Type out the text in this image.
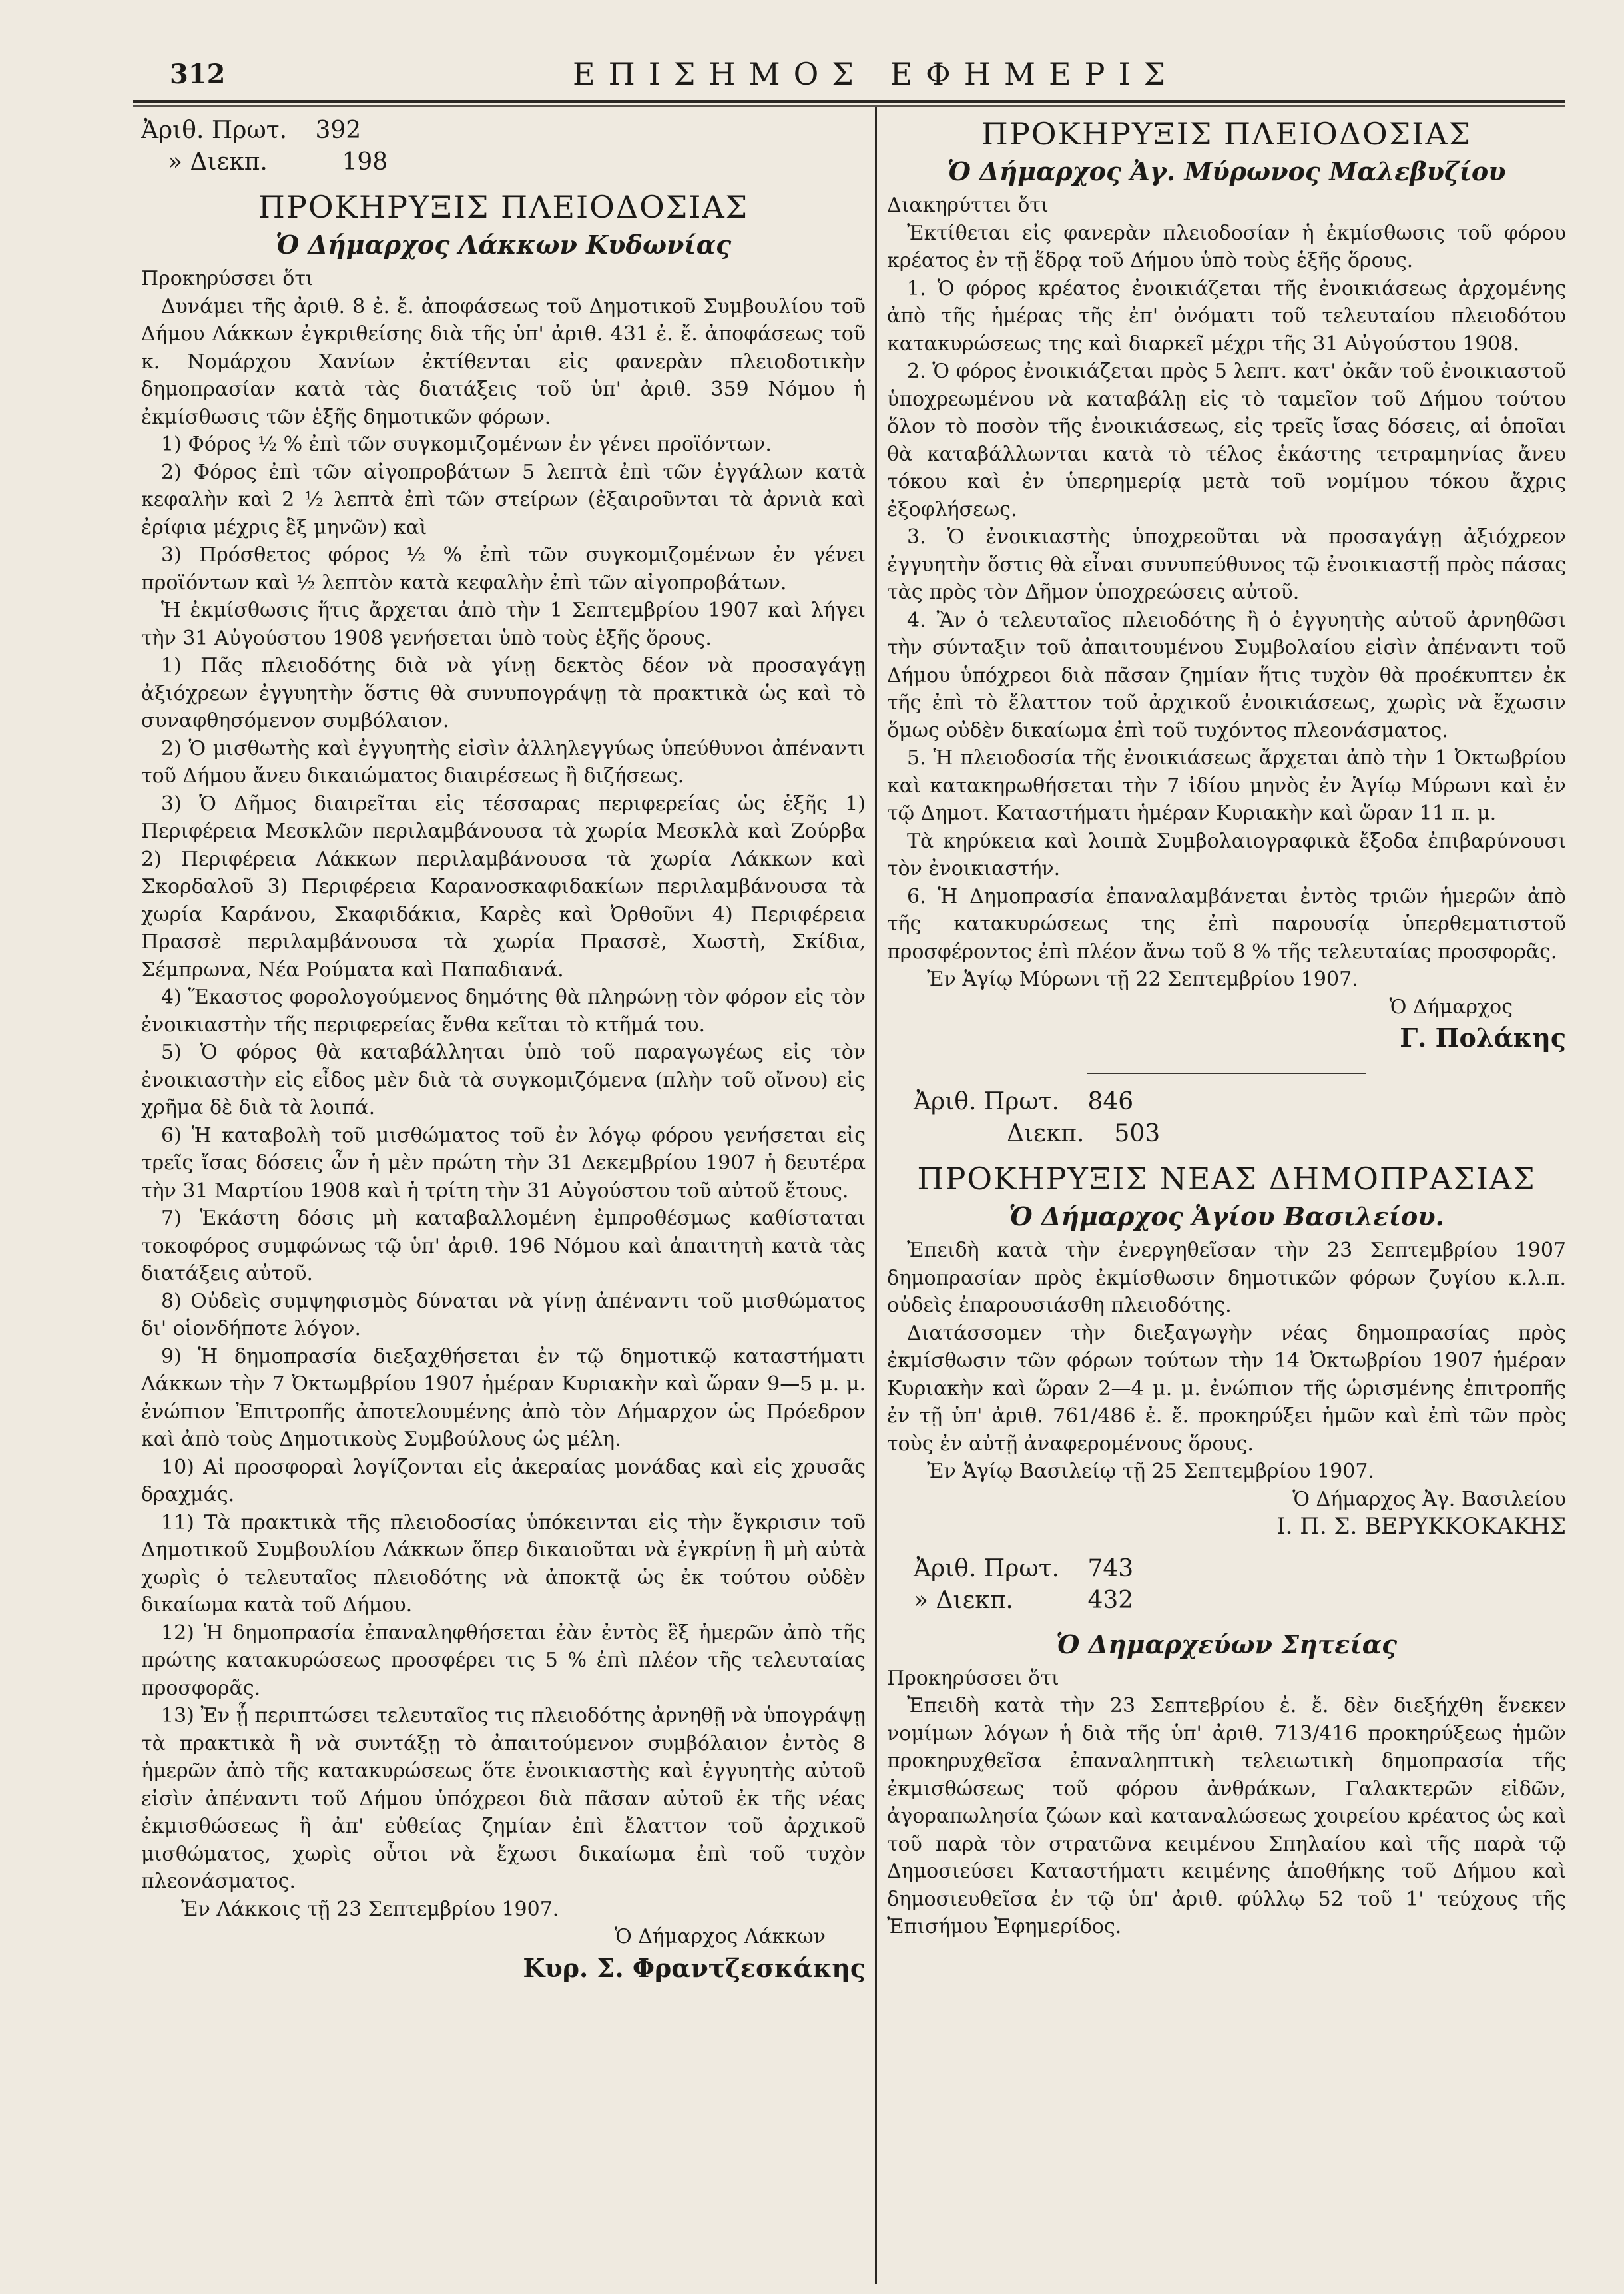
312	ΕΠΙΣΗΜΟΣ ΕΦΗΜΕΡΙΣ
Ἀριθ. Πρωτ. 392
» Διεκπ.	198
ΠΡΟΚΗΡΥΞΙΣ ΠΛΕΙΟΔΟΣΙΑΣ
Ὁ Δήμαρχος Λάκκων Κυδωνίας

Προκηρύσσει ὅτι

Δυνάμει τῆς ἀριθ. 8 ἐ. ἔ. ἀποφάσεως τοῦ Δημοτικοῦ Συμβουλίου τοῦ Δήμου Λάκκων ἐγκριθείσης διὰ τῆς ὑπ' ἀριθ. 431 ἐ. ἔ. ἀποφάσεως τοῦ κ. Νομάρχου Χανίων ἐκτίθενται εἰς φανερὰν πλειοδοτικὴν δημοπρασίαν κατὰ τὰς διατάξεις τοῦ ὑπ' ἀριθ. 359 Νόμου ἡ ἐκμίσθωσις τῶν ἑξῆς δημοτικῶν φόρων.

1) Φόρος ½ % ἐπὶ τῶν συγκομιζομένων ἐν γένει προϊόντων.

2) Φόρος ἐπὶ τῶν αἰγοπροβάτων 5 λεπτὰ ἐπὶ τῶν ἐγγάλων κατὰ κεφαλὴν καὶ 2 ½ λεπτὰ ἐπὶ τῶν στείρων (ἐξαιροῦνται τὰ ἀρνιὰ καὶ ἐρίφια μέχρις ἓξ μηνῶν) καὶ

3) Πρόσθετος φόρος ½ % ἐπὶ τῶν συγκομιζομένων ἐν γένει προϊόντων καὶ ½ λεπτὸν κατὰ κεφαλὴν ἐπὶ τῶν αἰγοπροβάτων.

Ἡ ἐκμίσθωσις ἥτις ἄρχεται ἀπὸ τὴν 1 Σεπτεμβρίου 1907 καὶ λήγει τὴν 31 Αὐγούστου 1908 γενήσεται ὑπὸ τοὺς ἑξῆς ὅρους.

1) Πᾶς πλειοδότης διὰ νὰ γίνῃ δεκτὸς δέον νὰ προσαγάγῃ ἀξιόχρεων ἐγγυητὴν ὅστις θὰ συνυπογράψῃ τὰ πρακτικὰ ὡς καὶ τὸ συναφθησόμενον συμβόλαιον.

2) Ὁ μισθωτὴς καὶ ἐγγυητὴς εἰσὶν ἀλληλεγγύως ὑπεύθυνοι ἀπέναντι τοῦ Δήμου ἄνευ δικαιώματος διαιρέσεως ἢ διζήσεως.

3) Ὁ Δῆμος διαιρεῖται εἰς τέσσαρας περιφερείας ὡς ἑξῆς 1) Περιφέρεια Μεσκλῶν περιλαμβάνουσα τὰ χωρία Μεσκλὰ καὶ Ζούρβα 2) Περιφέρεια Λάκκων περιλαμβάνουσα τὰ χωρία Λάκκων καὶ Σκορδαλοῦ 3) Περιφέρεια Καρανοσκαφιδακίων περιλαμβάνουσα τὰ χωρία Καράνου, Σκαφιδάκια, Καρὲς καὶ Ὀρθοῦνι 4) Περιφέρεια Πρασσὲ περιλαμβάνουσα τὰ χωρία Πρασσὲ, Χωστὴ, Σκίδια, Σέμπρωνα, Νέα Ρούματα καὶ Παπαδιανά.

4) Ἕκαστος φορολογούμενος δημότης θὰ πληρώνῃ τὸν φόρον εἰς τὸν ἐνοικιαστὴν τῆς περιφερείας ἔνθα κεῖται τὸ κτῆμά του.

5) Ὁ φόρος θὰ καταβάλληται ὑπὸ τοῦ παραγωγέως εἰς τὸν ἐνοικιαστὴν εἰς εἶδος μὲν διὰ τὰ συγκομιζόμενα (πλὴν τοῦ οἴνου) εἰς χρῆμα δὲ διὰ τὰ λοιπά.

6) Ἡ καταβολὴ τοῦ μισθώματος τοῦ ἐν λόγῳ φόρου γενήσεται εἰς τρεῖς ἴσας δόσεις ὧν ἡ μὲν πρώτη τὴν 31 Δεκεμβρίου 1907 ἡ δευτέρα τὴν 31 Μαρτίου 1908 καὶ ἡ τρίτη τὴν 31 Αὐγούστου τοῦ αὐτοῦ ἔτους.

7) Ἑκάστη δόσις μὴ καταβαλλομένη ἐμπροθέσμως καθίσταται τοκοφόρος συμφώνως τῷ ὑπ' ἀριθ. 196 Νόμου καὶ ἀπαιτητὴ κατὰ τὰς διατάξεις αὐτοῦ.

8) Οὐδεὶς συμψηφισμὸς δύναται νὰ γίνῃ ἀπέναντι τοῦ μισθώματος δι' οἱονδήποτε λόγον.

9) Ἡ δημοπρασία διεξαχθήσεται ἐν τῷ δημοτικῷ καταστήματι Λάκκων τὴν 7 Ὀκτωμβρίου 1907 ἡμέραν Κυριακὴν καὶ ὥραν 9—5 μ. μ. ἐνώπιον Ἐπιτροπῆς ἀποτελουμένης ἀπὸ τὸν Δήμαρχον ὡς Πρόεδρον καὶ ἀπὸ τοὺς Δημοτικοὺς Συμβούλους ὡς μέλη.

10) Αἱ προσφοραὶ λογίζονται εἰς ἀκεραίας μονάδας καὶ εἰς χρυσᾶς δραχμάς.

11) Τὰ πρακτικὰ τῆς πλειοδοσίας ὑπόκεινται εἰς τὴν ἔγκρισιν τοῦ Δημοτικοῦ Συμβουλίου Λάκκων ὅπερ δικαιοῦται νὰ ἐγκρίνῃ ἢ μὴ αὐτὰ χωρὶς ὁ τελευταῖος πλειοδότης νὰ ἀποκτᾷ ὡς ἐκ τούτου οὐδὲν δικαίωμα κατὰ τοῦ Δήμου.

12) Ἡ δημοπρασία ἐπαναληφθήσεται ἐὰν ἐντὸς ἓξ ἡμερῶν ἀπὸ τῆς πρώτης κατακυρώσεως προσφέρει τις 5 % ἐπὶ πλέον τῆς τελευταίας προσφορᾶς.

13) Ἐν ᾗ περιπτώσει τελευταῖος τις πλειοδότης ἀρνηθῇ νὰ ὑπογράψῃ τὰ πρακτικὰ ἢ νὰ συντάξῃ τὸ ἀπαιτούμενον συμβόλαιον ἐντὸς 8 ἡμερῶν ἀπὸ τῆς κατακυρώσεως ὅτε ἐνοικιαστὴς καὶ ἐγγυητὴς αὐτοῦ εἰσὶν ἀπέναντι τοῦ Δήμου ὑπόχρεοι διὰ πᾶσαν αὐτοῦ ἐκ τῆς νέας ἐκμισθώσεως ἢ ἀπ' εὐθείας ζημίαν ἐπὶ ἔλαττον τοῦ ἀρχικοῦ μισθώματος, χωρὶς οὗτοι νὰ ἔχωσι δικαίωμα ἐπὶ τοῦ τυχὸν πλεονάσματος.

Ἐν Λάκκοις τῇ 23 Σεπτεμβρίου 1907.

Ὁ Δήμαρχος Λάκκων

Κυρ. Σ. Φραντζεσκάκης
ΠΡΟΚΗΡΥΞΙΣ ΠΛΕΙΟΔΟΣΙΑΣ
Ὁ Δήμαρχος Ἀγ. Μύρωνος Μαλεβυζίου

Διακηρύττει ὅτι

Ἐκτίθεται εἰς φανερὰν πλειοδοσίαν ἡ ἐκμίσθωσις τοῦ φόρου κρέατος ἐν τῇ ἕδρᾳ τοῦ Δήμου ὑπὸ τοὺς ἑξῆς ὅρους.

1. Ὁ φόρος κρέατος ἐνοικιάζεται τῆς ἐνοικιάσεως ἀρχομένης ἀπὸ τῆς ἡμέρας τῆς ἐπ' ὀνόματι τοῦ τελευταίου πλειοδότου κατακυρώσεως της καὶ διαρκεῖ μέχρι τῆς 31 Αὐγούστου 1908.

2. Ὁ φόρος ἐνοικιάζεται πρὸς 5 λεπτ. κατ' ὀκᾶν τοῦ ἐνοικιαστοῦ ὑποχρεωμένου νὰ καταβάλῃ εἰς τὸ ταμεῖον τοῦ Δήμου τούτου ὅλον τὸ ποσὸν τῆς ἐνοικιάσεως, εἰς τρεῖς ἴσας δόσεις, αἱ ὁποῖαι θὰ καταβάλλωνται κατὰ τὸ τέλος ἑκάστης τετραμηνίας ἄνευ τόκου καὶ ἐν ὑπερημερίᾳ μετὰ τοῦ νομίμου τόκου ἄχρις ἐξοφλήσεως.

3. Ὁ ἐνοικιαστὴς ὑποχρεοῦται νὰ προσαγάγῃ ἀξιόχρεον ἐγγυητὴν ὅστις θὰ εἶναι συνυπεύθυνος τῷ ἐνοικιαστῇ πρὸς πάσας τὰς πρὸς τὸν Δῆμον ὑποχρεώσεις αὐτοῦ.

4. Ἂν ὁ τελευταῖος πλειοδότης ἢ ὁ ἐγγυητὴς αὐτοῦ ἀρνηθῶσι τὴν σύνταξιν τοῦ ἀπαιτουμένου Συμβολαίου εἰσὶν ἀπέναντι τοῦ Δήμου ὑπόχρεοι διὰ πᾶσαν ζημίαν ἥτις τυχὸν θὰ προέκυπτεν ἐκ τῆς ἐπὶ τὸ ἔλαττον τοῦ ἀρχικοῦ ἐνοικιάσεως, χωρὶς νὰ ἔχωσιν ὅμως οὐδὲν δικαίωμα ἐπὶ τοῦ τυχόντος πλεονάσματος.

5. Ἡ πλειοδοσία τῆς ἐνοικιάσεως ἄρχεται ἀπὸ τὴν 1 Ὀκτωβρίου καὶ κατακηρωθήσεται τὴν 7 ἰδίου μηνὸς ἐν Ἁγίῳ Μύρωνι καὶ ἐν τῷ Δημοτ. Καταστήματι ἡμέραν Κυριακὴν καὶ ὥραν 11 π. μ.

Τὰ κηρύκεια καὶ λοιπὰ Συμβολαιογραφικὰ ἔξοδα ἐπιβαρύνουσι τὸν ἐνοικιαστήν.

6. Ἡ Δημοπρασία ἐπαναλαμβάνεται ἐντὸς τριῶν ἡμερῶν ἀπὸ τῆς κατακυρώσεως της ἐπὶ παρουσίᾳ ὑπερθεματιστοῦ προσφέροντος ἐπὶ πλέον ἄνω τοῦ 8 % τῆς τελευταίας προσφορᾶς.

Ἐν Ἁγίῳ Μύρωνι τῇ 22 Σεπτεμβρίου 1907.

Ὁ Δήμαρχος

Γ. Πολάκης
Ἀριθ. Πρωτ. 846
Διεκπ. 503
ΠΡΟΚΗΡΥΞΙΣ ΝΕΑΣ ΔΗΜΟΠΡΑΣΙΑΣ
Ὁ Δήμαρχος Ἁγίου Βασιλείου.

Ἐπειδὴ κατὰ τὴν ἐνεργηθεῖσαν τὴν 23 Σεπτεμβρίου 1907 δημοπρασίαν πρὸς ἐκμίσθωσιν δημοτικῶν φόρων ζυγίου κ.λ.π. οὐδεὶς ἐπαρουσιάσθη πλειοδότης.

Διατάσσομεν τὴν διεξαγωγὴν νέας δημοπρασίας πρὸς ἐκμίσθωσιν τῶν φόρων τούτων τὴν 14 Ὀκτωβρίου 1907 ἡμέραν Κυριακὴν καὶ ὥραν 2—4 μ. μ. ἐνώπιον τῆς ὡρισμένης ἐπιτροπῆς ἐν τῇ ὑπ' ἀριθ. 761/486 ἐ. ἔ. προκηρύξει ἡμῶν καὶ ἐπὶ τῶν πρὸς τοὺς ἐν αὐτῇ ἀναφερομένους ὅρους.

Ἐν Ἁγίῳ Βασιλείῳ τῇ 25 Σεπτεμβρίου 1907.

Ὁ Δήμαρχος Ἀγ. Βασιλείου

Ι. Π. Σ. ΒΕΡΥΚΚΟΚΑΚΗΣ

Ἀριθ. Πρωτ. 743
» Διεκπ.	432
Ὁ Δημαρχεύων Σητείας

Προκηρύσσει ὅτι

Ἐπειδὴ κατὰ τὴν 23 Σεπτεβρίου ἐ. ἔ. δὲν διεξήχθη ἕνεκεν νομίμων λόγων ἡ διὰ τῆς ὑπ' ἀριθ. 713/416 προκηρύξεως ἡμῶν προκηρυχθεῖσα ἐπαναληπτικὴ τελειωτικὴ δημοπρασία τῆς ἐκμισθώσεως τοῦ φόρου ἀνθράκων, Γαλακτερῶν εἰδῶν, ἀγοραπωλησία ζώων καὶ καταναλώσεως χοιρείου κρέατος ὡς καὶ τοῦ παρὰ τὸν στρατῶνα κειμένου Σπηλαίου καὶ τῆς παρὰ τῷ Δημοσιεύσει Καταστήματι κειμένης ἀποθήκης τοῦ Δήμου καὶ δημοσιευθεῖσα ἐν τῷ ὑπ' ἀριθ. φύλλῳ 52 τοῦ 1' τεύχους τῆς Ἐπισήμου Ἐφημερίδος.
